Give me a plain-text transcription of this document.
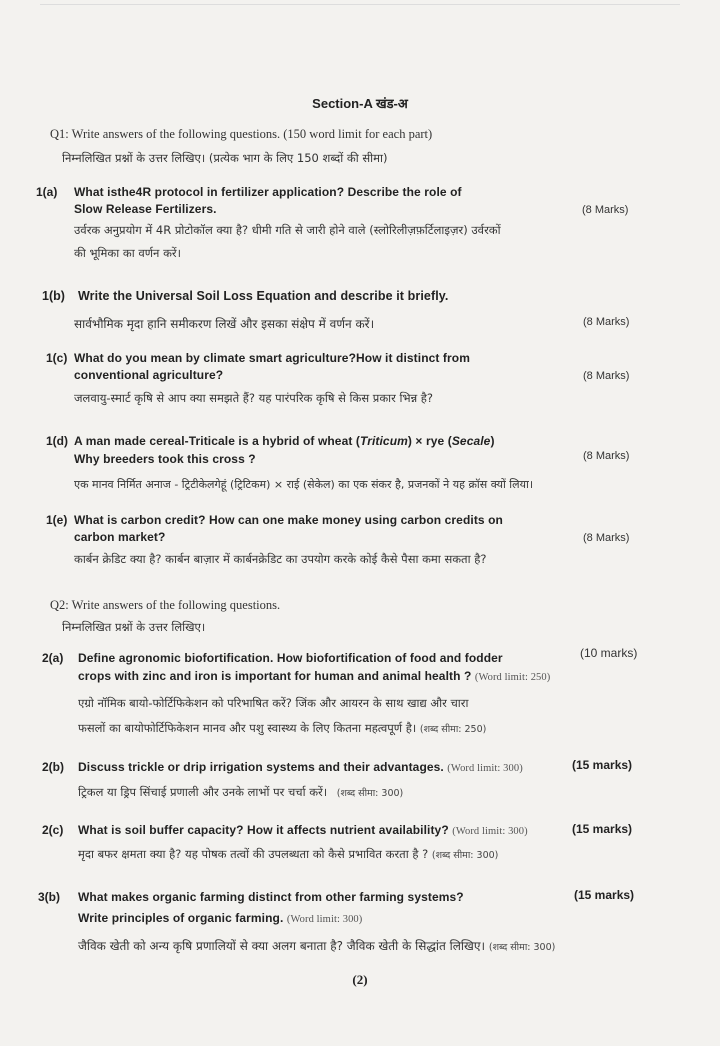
Section-A खंड-अ
Q1: Write answers of the following questions. (150 word limit for each part)
निम्नलिखित प्रश्नों के उत्तर लिखिए। (प्रत्येक भाग के लिए 150 शब्दों की सीमा)
1(a) What isthe4R protocol in fertilizer application? Describe the role of
Slow Release Fertilizers.	(8 Marks)
उर्वरक अनुप्रयोग में 4R प्रोटोकॉल क्या है? धीमी गति से जारी होने वाले (स्लोरिलीज़फ़र्टिलाइज़र) उर्वरकों
की भूमिका का वर्णन करें।
1(b) Write the Universal Soil Loss Equation and describe it briefly.
सार्वभौमिक मृदा हानि समीकरण लिखें और इसका संक्षेप में वर्णन करें।	(8 Marks)
1(c) What do you mean by climate smart agriculture?How it distinct from
conventional agriculture?	(8 Marks)
जलवायु-स्मार्ट कृषि से आप क्या समझते हैं? यह पारंपरिक कृषि से किस प्रकार भिन्न है?
1(d) A man made cereal-Triticale is a hybrid of wheat (Triticum) × rye (Secale)
Why breeders took this cross ?	(8 Marks)
एक मानव निर्मित अनाज - ट्रिटीकेलगेहूं (ट्रिटिकम) × राई (सेकेल) का एक संकर है, प्रजनकों ने यह क्रॉस क्यों लिया।
1(e) What is carbon credit? How can one make money using carbon credits on
carbon market?	(8 Marks)
कार्बन क्रेडिट क्या है? कार्बन बाज़ार में कार्बनक्रेडिट का उपयोग करके कोई कैसे पैसा कमा सकता है?
Q2: Write answers of the following questions.
निम्नलिखित प्रश्नों के उत्तर लिखिए।
2(a) Define agronomic biofortification. How biofortification of food and fodder	(10 marks)
crops with zinc and iron is important for human and animal health ? (Word limit: 250)
एग्रो नॉमिक बायो-फोर्टिफिकेशन को परिभाषित करें? जिंक और आयरन के साथ खाद्य और चारा
फसलों का बायोफोर्टिफिकेशन मानव और पशु स्वास्थ्य के लिए कितना महत्वपूर्ण है। (शब्द सीमा: 250)
2(b) Discuss trickle or drip irrigation systems and their advantages. (Word limit: 300)	(15 marks)
ट्रिकल या ड्रिप सिंचाई प्रणाली और उनके लाभों पर चर्चा करें। (शब्द सीमा: 300)
2(c) What is soil buffer capacity? How it affects nutrient availability? (Word limit: 300)	(15 marks)
मृदा बफर क्षमता क्या है? यह पोषक तत्वों की उपलब्धता को कैसे प्रभावित करता है ? (शब्द सीमा: 300)
3(b) What makes organic farming distinct from other farming systems?	(15 marks)
Write principles of organic farming. (Word limit: 300)
जैविक खेती को अन्य कृषि प्रणालियों से क्या अलग बनाता है? जैविक खेती के सिद्धांत लिखिए। (शब्द सीमा: 300)
(2)
